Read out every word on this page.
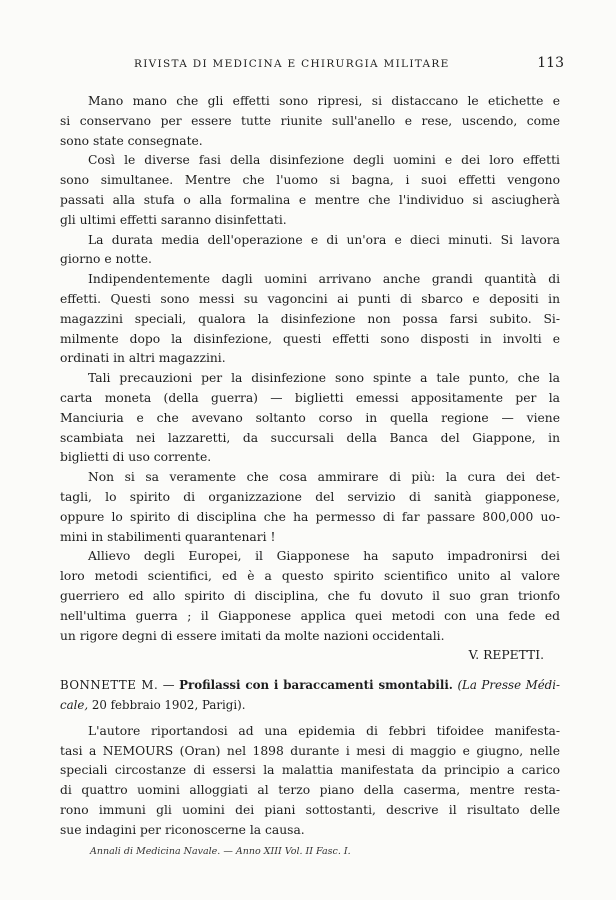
RIVISTA DI MEDICINA E CHIRURGIA MILITARE	113
Mano mano che gli effetti sono ripresi, si distaccano le etichette e
si conservano per essere tutte riunite sull'anello e rese, uscendo, come
sono state consegnate.
Così le diverse fasi della disinfezione degli uomini e dei loro effetti
sono simultanee. Mentre che l'uomo si bagna, i suoi effetti vengono
passati alla stufa o alla formalina e mentre che l'individuo si asciugherà
gli ultimi effetti saranno disinfettati.
La durata media dell'operazione e di un'ora e dieci minuti. Si lavora
giorno e notte.
Indipendentemente dagli uomini arrivano anche grandi quantità di
effetti. Questi sono messi su vagoncini ai punti di sbarco e depositi in
magazzini speciali, qualora la disinfezione non possa farsi subito. Si-
milmente dopo la disinfezione, questi effetti sono disposti in involti e
ordinati in altri magazzini.
Tali precauzioni per la disinfezione sono spinte a tale punto, che la
carta moneta (della guerra) — biglietti emessi appositamente per la
Manciuria e che avevano soltanto corso in quella regione — viene
scambiata nei lazzaretti, da succursali della Banca del Giappone, in
biglietti di uso corrente.
Non si sa veramente che cosa ammirare di più: la cura dei det-
tagli, lo spirito di organizzazione del servizio di sanità giapponese,
oppure lo spirito di disciplina che ha permesso di far passare 800,000 uo-
mini in stabilimenti quarantenari !
Allievo degli Europei, il Giapponese ha saputo impadronirsi dei
loro metodi scientifici, ed è a questo spirito scientifico unito al valore
guerriero ed allo spirito di disciplina, che fu dovuto il suo gran trionfo
nell'ultima guerra ; il Giapponese applica quei metodi con una fede ed
un rigore degni di essere imitati da molte nazioni occidentali.
V. REPETTI.
BONNETTE M. — Profilassi con i baraccamenti smontabili. (La Presse Médi-
cale, 20 febbraio 1902, Parigi).
L'autore riportandosi ad una epidemia di febbri tifoidee manifesta-
tasi a NEMOURS (Oran) nel 1898 durante i mesi di maggio e giugno, nelle
speciali circostanze di essersi la malattia manifestata da principio a carico
di quattro uomini alloggiati al terzo piano della caserma, mentre resta-
rono immuni gli uomini dei piani sottostanti, descrive il risultato delle
sue indagini per riconoscerne la causa.
Annali di Medicina Navale. — Anno XIII Vol. II Fasc. I.
